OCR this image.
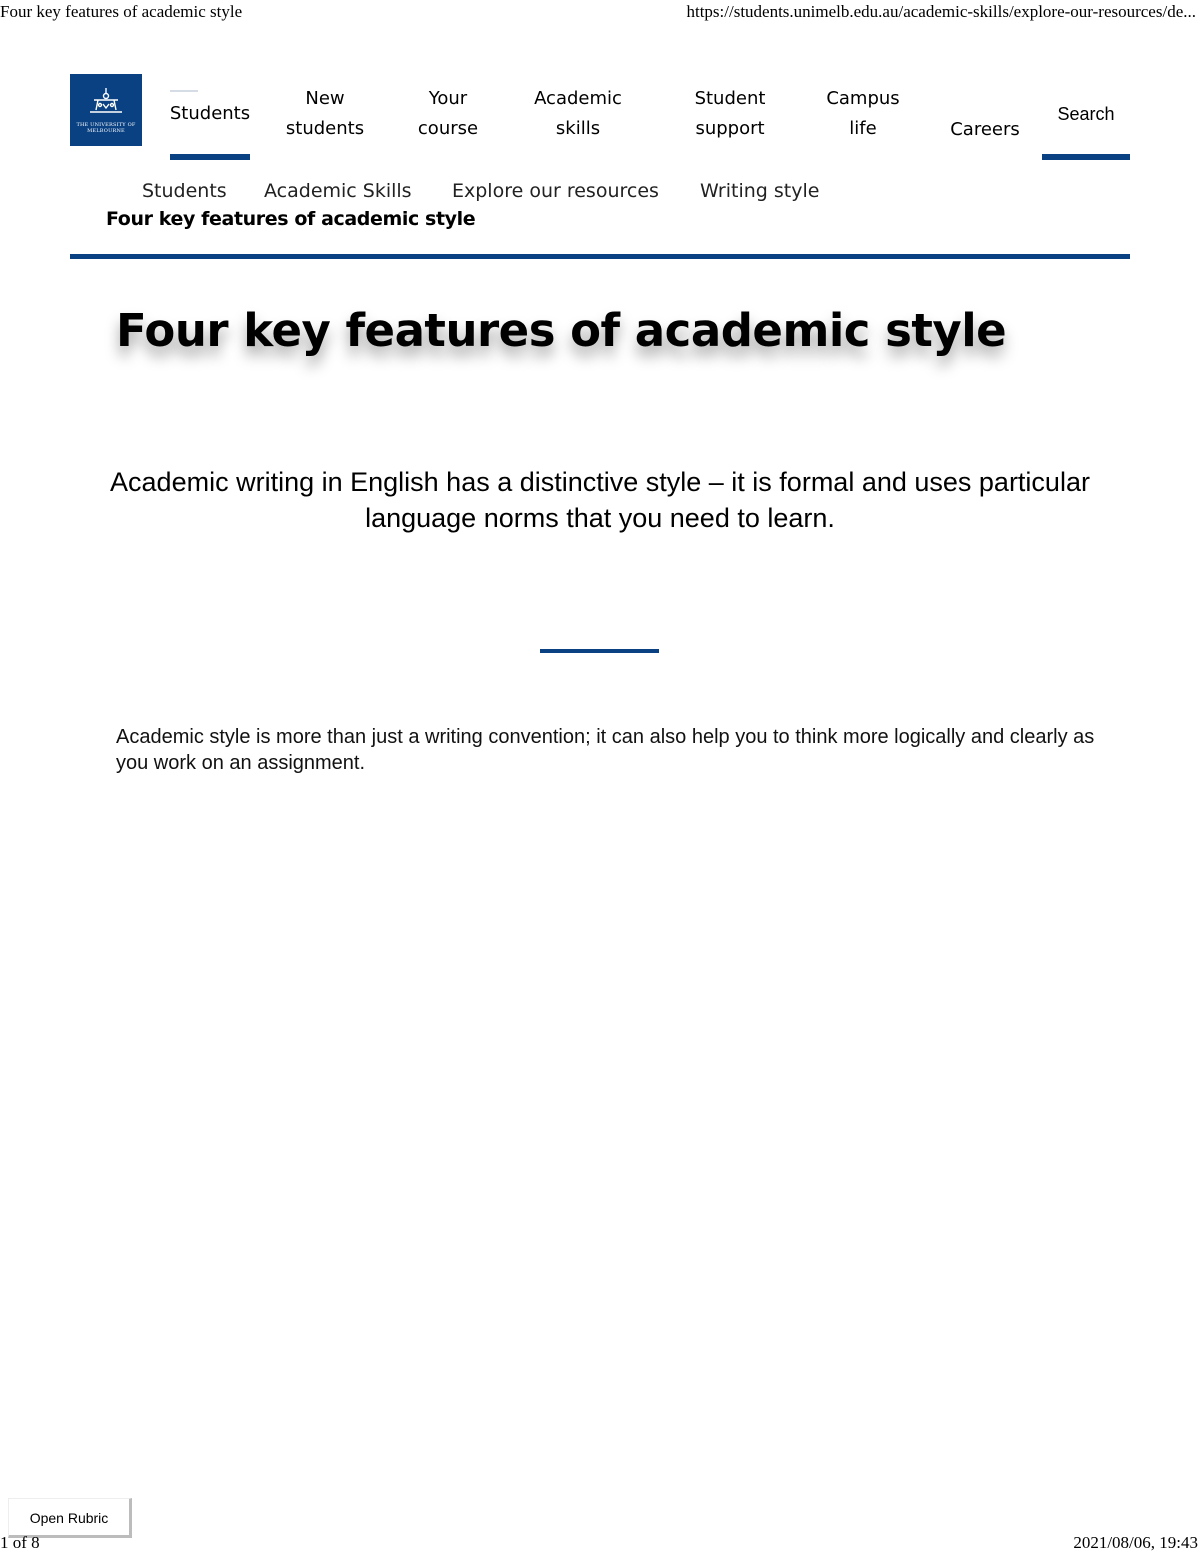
Four key features of academic style	https://students.unimelb.edu.au/academic-skills/explore-our-resources/de...
THE UNIVERSITY OF MELBOURNE
Students
New
students
Your
course
Academic
skills
Student
support
Campus
life	Careers
Search
Students Academic Skills Explore our resources Writing style
Four key features of academic style
Four key features of academic style

Academic writing in English has a distinctive style – it is formal and uses particular language norms that you need to learn.

Academic style is more than just a writing convention; it can also help you to think more logically and clearly as you work on an assignment.

Open Rubric
1 of 8	2021/08/06, 19:43
